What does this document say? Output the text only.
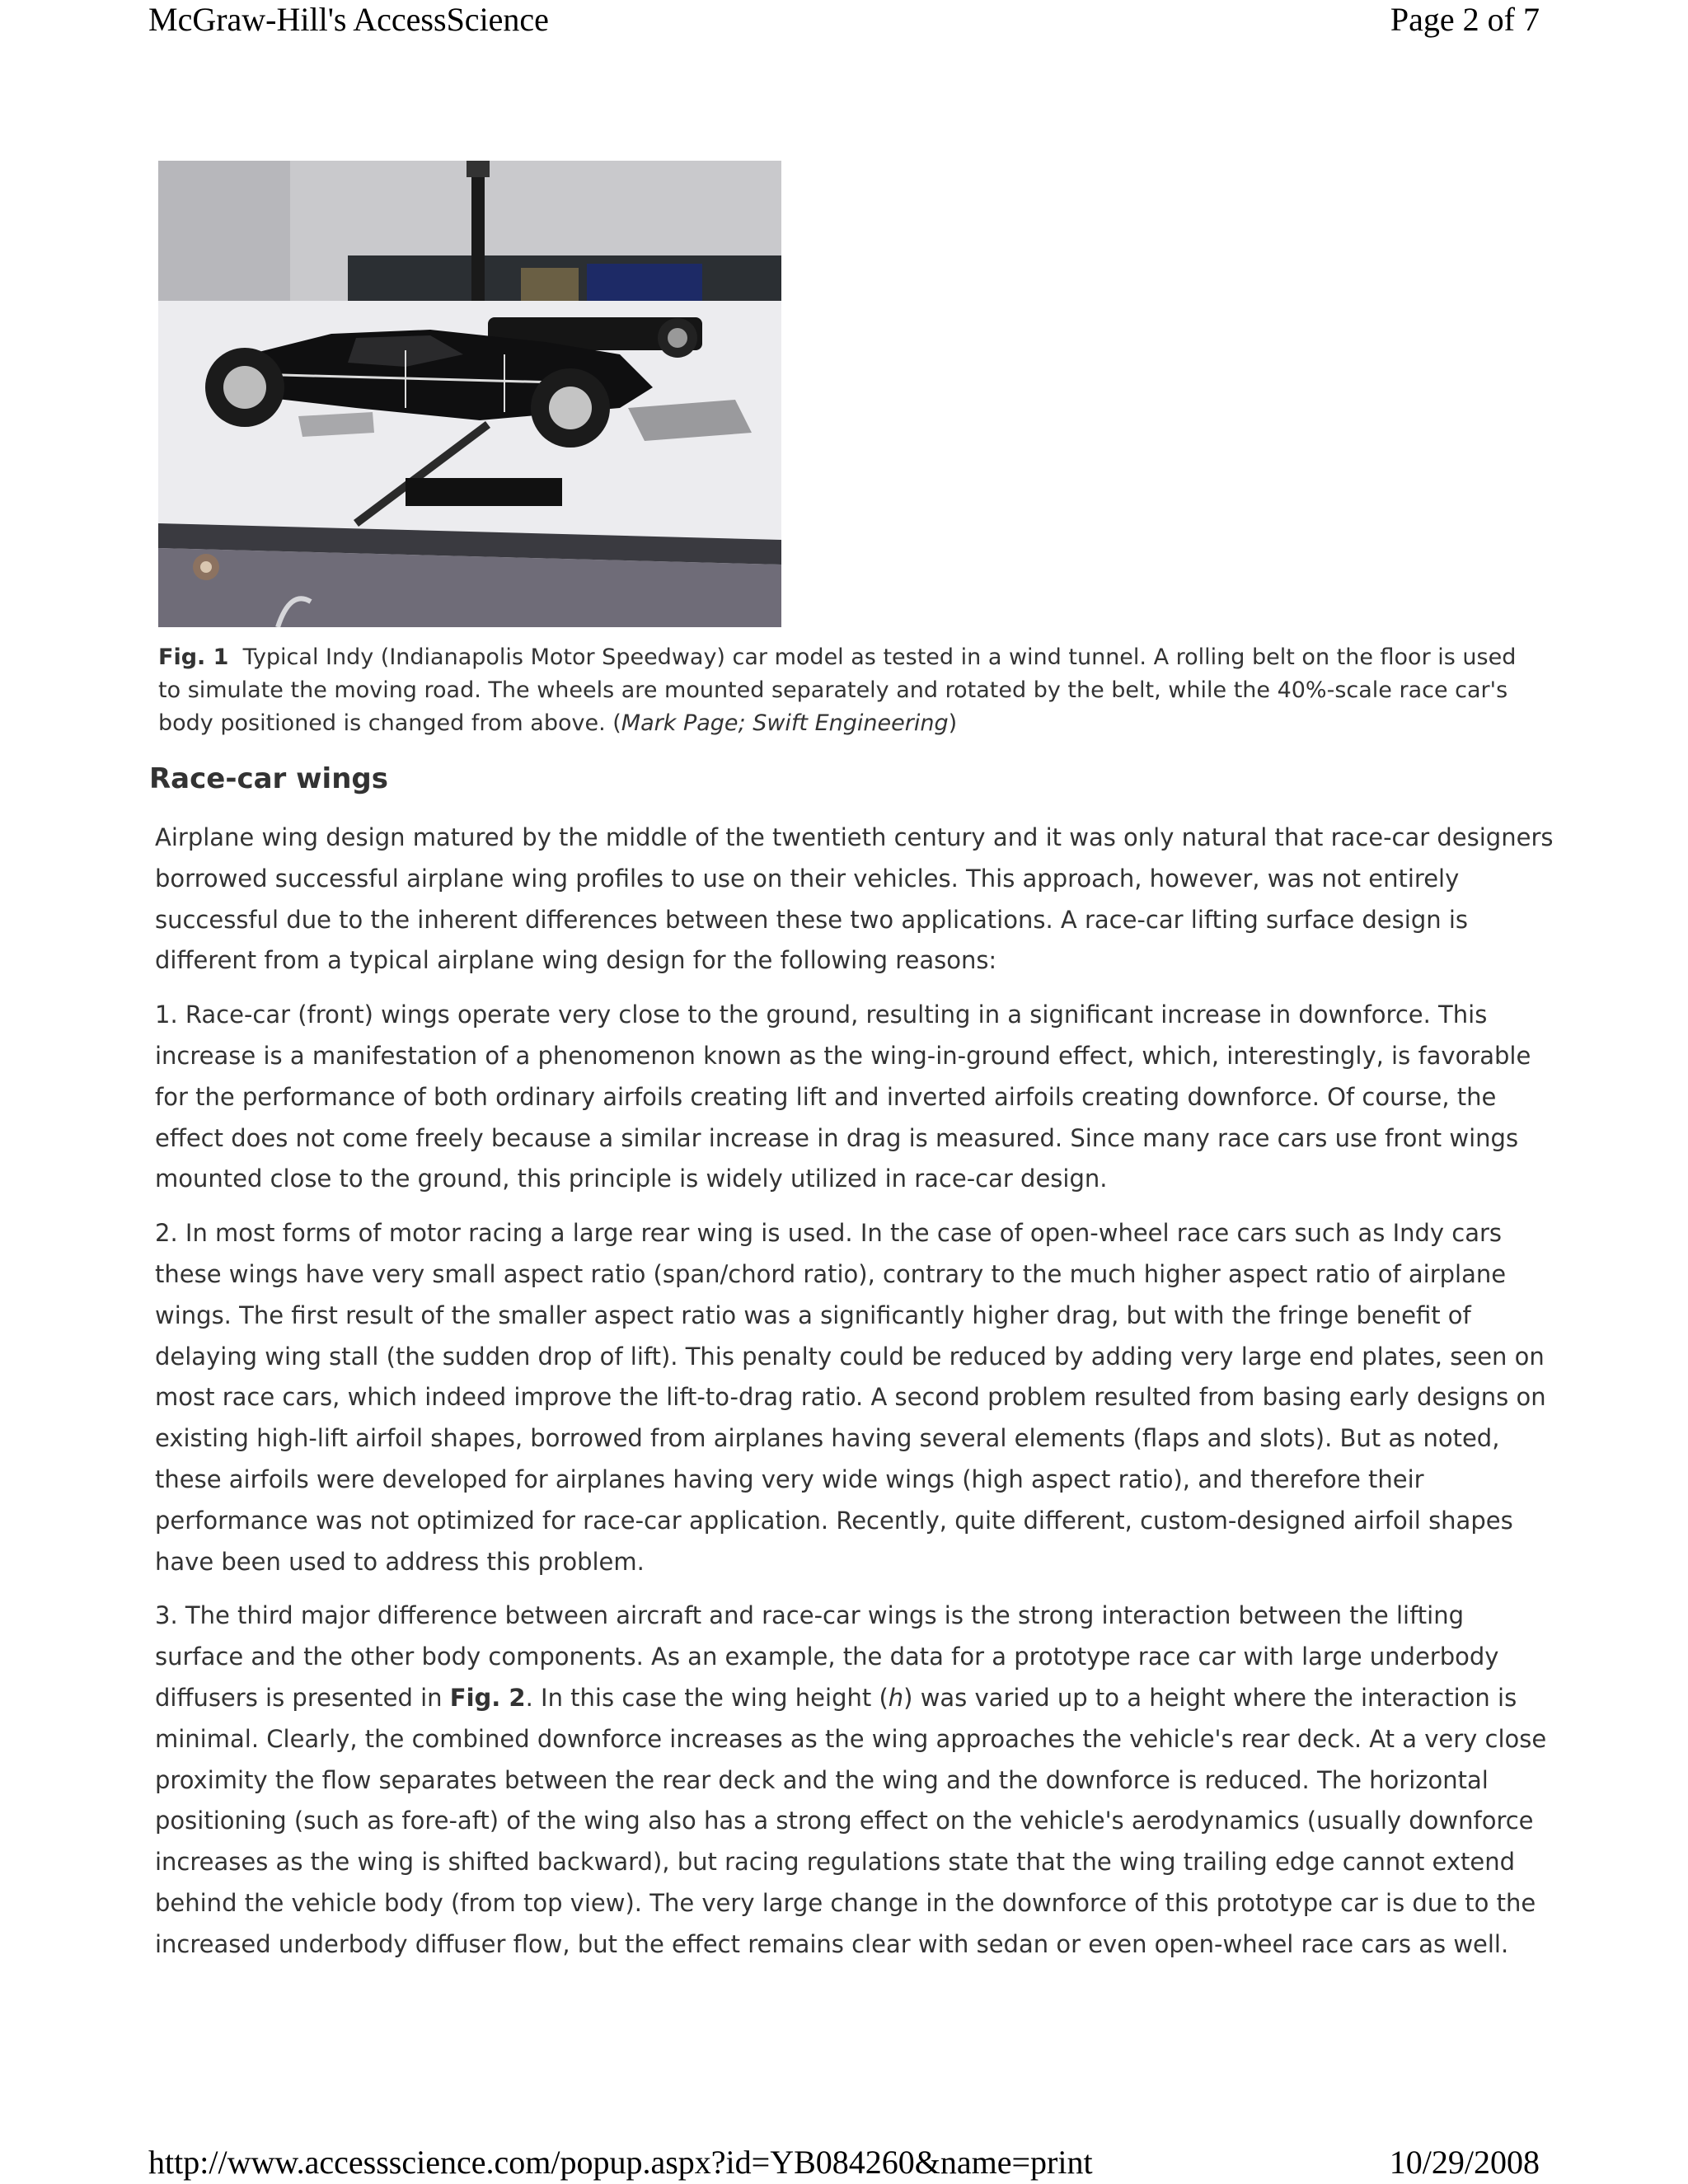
McGraw-Hill's AccessScience	Page 2 of 7
Fig. 1 Typical Indy (Indianapolis Motor Speedway) car model as tested in a wind tunnel. A rolling belt on the floor is used to simulate the moving road. The wheels are mounted separately and rotated by the belt, while the 40%-scale race car's body positioned is changed from above. (Mark Page; Swift Engineering)
Race-car wings

Airplane wing design matured by the middle of the twentieth century and it was only natural that race-car designers borrowed successful airplane wing profiles to use on their vehicles. This approach, however, was not entirely successful due to the inherent differences between these two applications. A race-car lifting surface design is different from a typical airplane wing design for the following reasons:

1. Race-car (front) wings operate very close to the ground, resulting in a significant increase in downforce. This increase is a manifestation of a phenomenon known as the wing-in-ground effect, which, interestingly, is favorable for the performance of both ordinary airfoils creating lift and inverted airfoils creating downforce. Of course, the effect does not come freely because a similar increase in drag is measured. Since many race cars use front wings mounted close to the ground, this principle is widely utilized in race-car design.

2. In most forms of motor racing a large rear wing is used. In the case of open-wheel race cars such as Indy cars these wings have very small aspect ratio (span/chord ratio), contrary to the much higher aspect ratio of airplane wings. The first result of the smaller aspect ratio was a significantly higher drag, but with the fringe benefit of delaying wing stall (the sudden drop of lift). This penalty could be reduced by adding very large end plates, seen on most race cars, which indeed improve the lift-to-drag ratio. A second problem resulted from basing early designs on existing high-lift airfoil shapes, borrowed from airplanes having several elements (flaps and slots). But as noted, these airfoils were developed for airplanes having very wide wings (high aspect ratio), and therefore their performance was not optimized for race-car application. Recently, quite different, custom-designed airfoil shapes have been used to address this problem.

3. The third major difference between aircraft and race-car wings is the strong interaction between the lifting surface and the other body components. As an example, the data for a prototype race car with large underbody diffusers is presented in Fig. 2. In this case the wing height (h) was varied up to a height where the interaction is minimal. Clearly, the combined downforce increases as the wing approaches the vehicle's rear deck. At a very close proximity the flow separates between the rear deck and the wing and the downforce is reduced. The horizontal positioning (such as fore-aft) of the wing also has a strong effect on the vehicle's aerodynamics (usually downforce increases as the wing is shifted backward), but racing regulations state that the wing trailing edge cannot extend behind the vehicle body (from top view). The very large change in the downforce of this prototype car is due to the increased underbody diffuser flow, but the effect remains clear with sedan or even open-wheel race cars as well.

http://www.accessscience.com/popup.aspx?id=YB084260&name=print	10/29/2008
